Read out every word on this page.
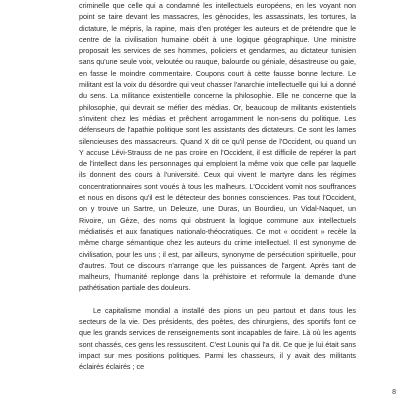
criminelle que celle qui a condamné les intellectuels européens, en les voyant non point se taire devant les massacres, les génocides, les assassinats, les tortures, la dictature, le mépris, la rapine, mais d'en protéger les auteurs et de prétendre que le centre de la civilisation humaine obéit à une logique géographique. Une ministre proposait les services de ses hommes, policiers et gendarmes, au dictateur tunisien sans qu'une seule voix, veloutée ou rauque, balourde ou géniale, désastreuse ou gaie, en fasse le moindre commentaire. Coupons court à cette fausse bonne lecture. Le militant est la voix du désordre qui veut chasser l'anarchie intellectuelle qui lui a donné du sens. La militance existentielle concerne la philosophie. Elle ne concerne que la philosophie, qui devrait se méfier des médias. Or, beaucoup de militants existentiels s'invitent chez les médias et prêchent arrogamment le non-sens du politique. Les défenseurs de l'apathie politique sont les assistants des dictateurs. Ce sont les lames silencieuses des massacreurs. Quand X dit ce qu'il pense de l'Occident, ou quand un Y accuse Lévi-Strauss de ne pas croire en l'Occident, il est difficile de repérer la part de l'intellect dans les personnages qui emploient la même voix que celle par laquelle ils donnent des cours à l'université. Ceux qui vivent le martyre dans les régimes concentrationnaires sont voués à tous les malheurs. L'Occident vomit nos souffrances et nous en disons qu'il est le détecteur des bonnes consciences. Pas tout l'Occident, on y trouve un Sartre, un Deleuze, une Duras, un Bourdieu, un Vidal-Naquet, un Rivoire, un Gèze, des noms qui obstruent la logique commune aux intellectuels médiatisés et aux fanatiques nationalo-théocratiques. Ce mot « occident » recèle la même charge sémantique chez les auteurs du crime intellectuel. Il est synonyme de civilisation, pour les uns ; il est, par ailleurs, synonyme de persécution spirituelle, pour d'autres. Tout ce discours n'arrange que les puissances de l'argent. Après tant de malheurs, l'humanité replonge dans la préhistoire et reformule la demande d'une pathétisation partiale des douleurs.

Le capitalisme mondial a installé des pions un peu partout et dans tous les secteurs de la vie. Des présidents, des poètes, des chirurgiens, des sportifs font ce que les grands services de renseignements sont incapables de faire. Là où les agents sont chassés, ces gens les ressuscitent. C'est Lounis qui l'a dit. Ce que je lui était sans impact sur mes positions politiques. Parmi les chasseurs, il y avait des militants éclairés éclairés ; ce

8
